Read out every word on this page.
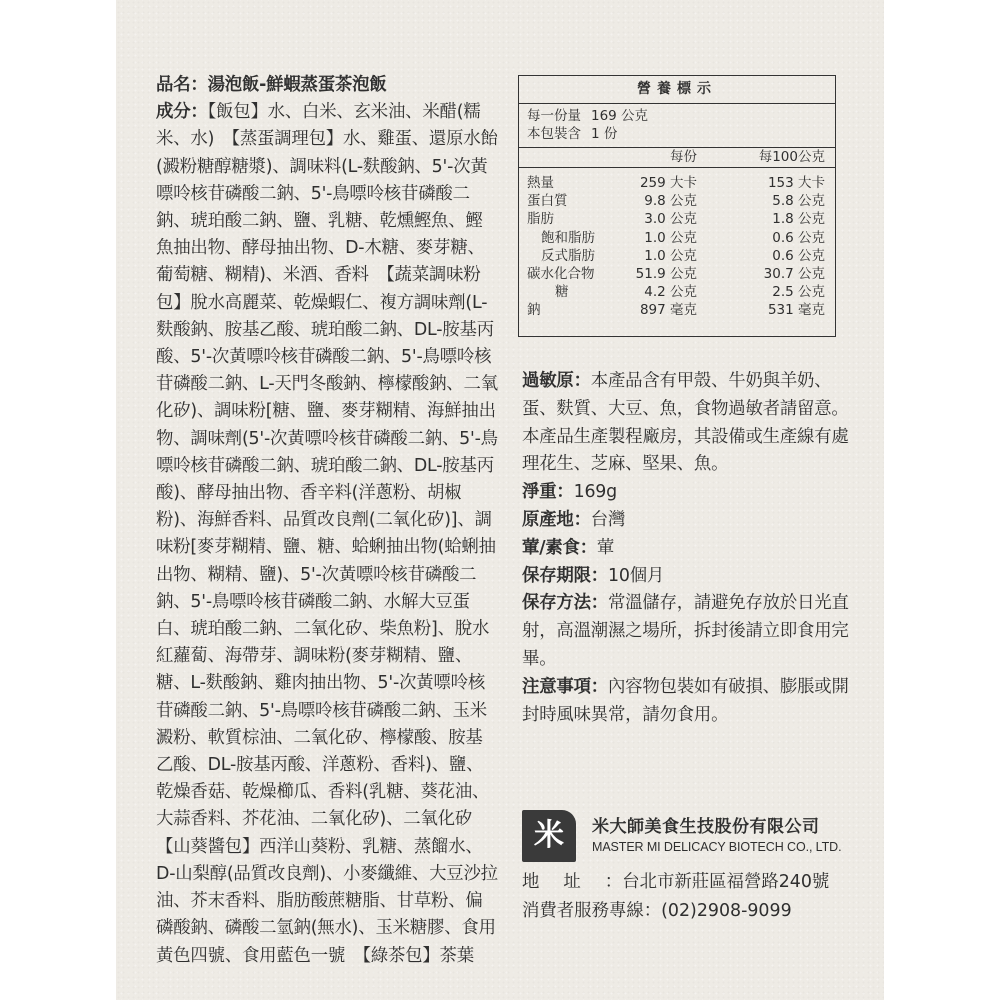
品名：湯泡飯-鮮蝦蒸蛋茶泡飯

成分：【飯包】水、白米、玄米油、米醋(糯米、水)　【蒸蛋調理包】水、雞蛋、還原水飴(澱粉糖醇糖漿)、調味料(L-麩酸鈉、5'-次黃嘌呤核苷磷酸二鈉、5'-鳥嘌呤核苷磷酸二鈉、琥珀酸二鈉、鹽、乳糖、乾燻鰹魚、鰹魚抽出物、酵母抽出物、D-木糖、麥芽糖、葡萄糖、糊精)、米酒、香料　【蔬菜調味粉包】脫水高麗菜、乾燥蝦仁、複方調味劑(L-麩酸鈉、胺基乙酸、琥珀酸二鈉、DL-胺基丙酸、5'-次黃嘌呤核苷磷酸二鈉、5'-鳥嘌呤核苷磷酸二鈉、L-天門冬酸鈉、檸檬酸鈉、二氧化矽)、調味粉[糖、鹽、麥芽糊精、海鮮抽出物、調味劑(5'-次黃嘌呤核苷磷酸二鈉、5'-鳥嘌呤核苷磷酸二鈉、琥珀酸二鈉、DL-胺基丙酸)、酵母抽出物、香辛料(洋蔥粉、胡椒粉)、海鮮香料、品質改良劑(二氧化矽)]、調味粉[麥芽糊精、鹽、糖、蛤蜊抽出物(蛤蜊抽出物、糊精、鹽)、5'-次黃嘌呤核苷磷酸二鈉、5'-鳥嘌呤核苷磷酸二鈉、水解大豆蛋白、琥珀酸二鈉、二氧化矽、柴魚粉]、脫水紅蘿蔔、海帶芽、調味粉(麥芽糊精、鹽、糖、L-麩酸鈉、雞肉抽出物、5'-次黃嘌呤核苷磷酸二鈉、5'-鳥嘌呤核苷磷酸二鈉、玉米澱粉、軟質棕油、二氧化矽、檸檬酸、胺基乙酸、DL-胺基丙酸、洋蔥粉、香料)、鹽、乾燥香菇、乾燥櫛瓜、香料(乳糖、葵花油、大蒜香料、芥花油、二氧化矽)、二氧化矽　【山葵醬包】西洋山葵粉、乳糖、蒸餾水、D-山梨醇(品質改良劑)、小麥纖維、大豆沙拉油、芥末香料、脂肪酸蔗糖脂、甘草粉、偏磷酸鈉、磷酸二氫鈉(無水)、玉米糖膠、食用黃色四號、食用藍色一號　【綠茶包】茶葉

營養標示
每一份量 169 公克
本包裝含 1 份
每份	每100公克
熱量	259 大卡	153 大卡
蛋白質	9.8 公克	5.8 公克
脂肪	3.0 公克	1.8 公克
飽和脂肪	1.0 公克	0.6 公克
反式脂肪	1.0 公克	0.6 公克
碳水化合物	51.9 公克	30.7 公克
糖	4.2 公克	2.5 公克
鈉	897 毫克	531 毫克

過敏原：本產品含有甲殼、牛奶與羊奶、蛋、麩質、大豆、魚，食物過敏者請留意。本產品生產製程廠房，其設備或生產線有處理花生、芝麻、堅果、魚。

淨重：169g

原產地：台灣

葷/素食：葷

保存期限：10個月

保存方法：常溫儲存，請避免存放於日光直射，高溫潮濕之場所，拆封後請立即食用完畢。

注意事項：內容物包裝如有破損、膨脹或開封時風味異常，請勿食用。

米	米大師美食生技股份有限公司
MASTER MI DELICACY BIOTECH CO., LTD.

地址：台北市新莊區福營路240號

消費者服務專線：(02)2908-9099
